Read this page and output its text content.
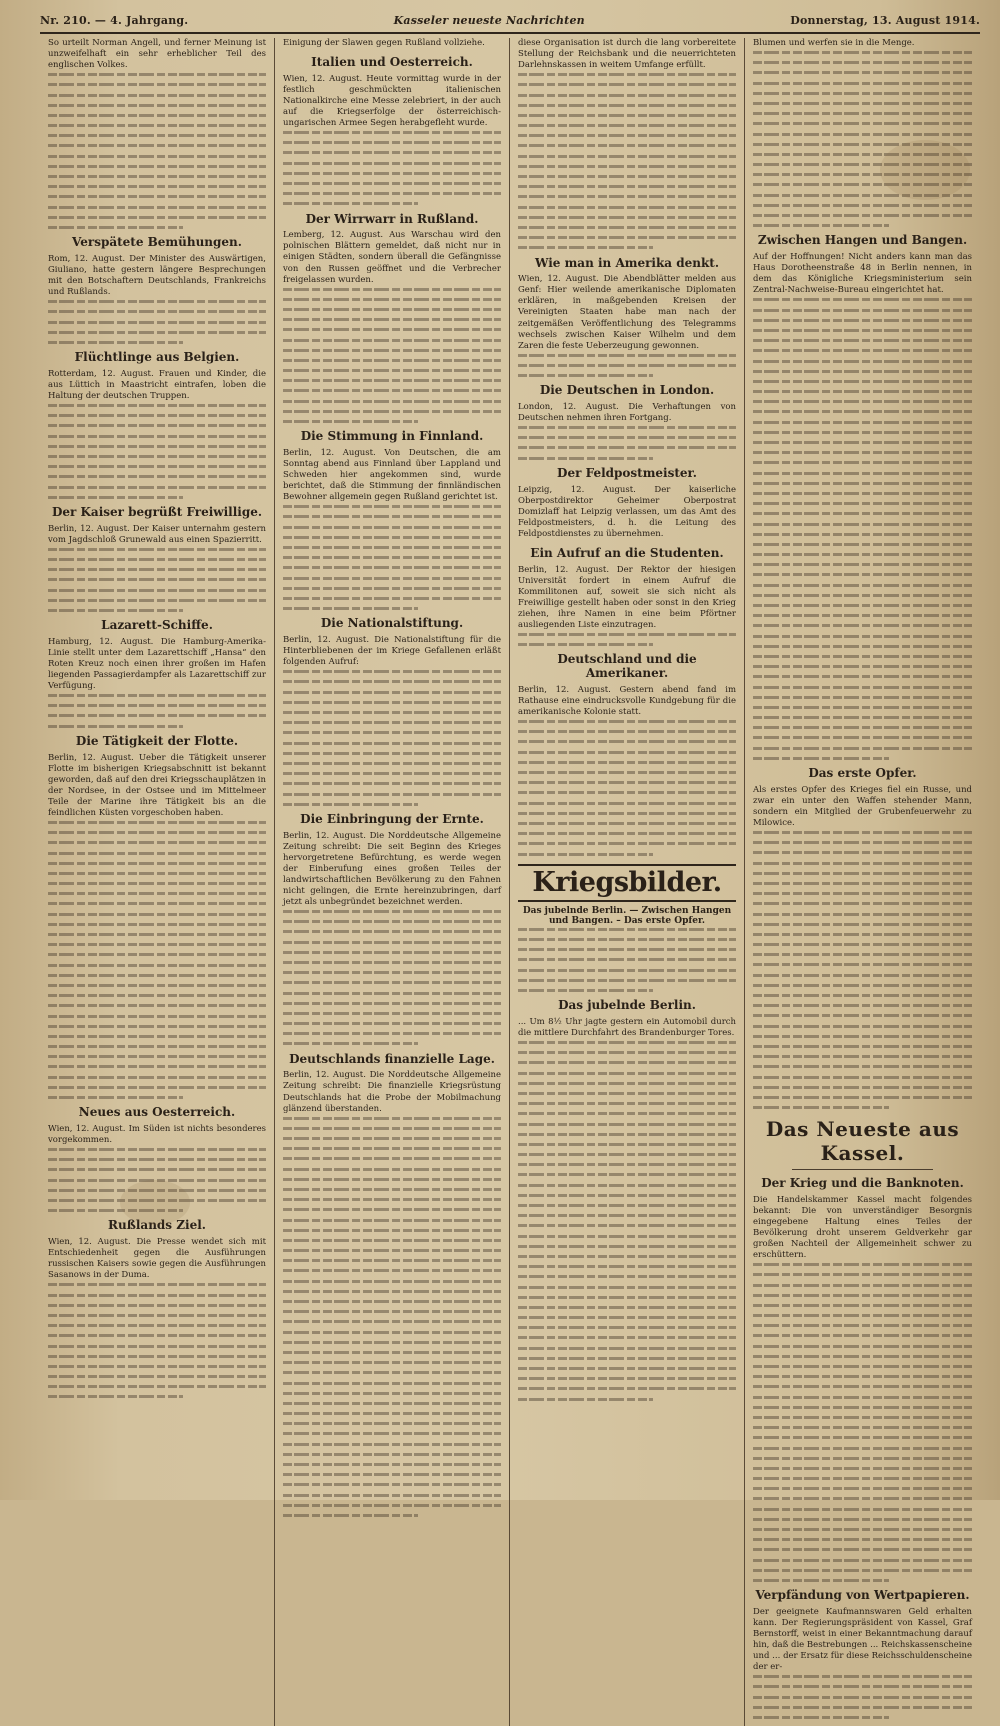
Nr. 210. — 4. Jahrgang.	Kasseler neueste Nachrichten	Donnerstag, 13. August 1914.

So urteilt Norman Angell, und ferner Meinung ist unzweifelhaft ein sehr erheblicher Teil des englischen Volkes.

Verspätete Bemühungen.

Rom, 12. August. Der Minister des Auswärtigen, Giuliano, hatte gestern längere Besprechungen mit den Botschaftern Deutschlands, Frankreichs und Rußlands.

Flüchtlinge aus Belgien.

Rotterdam, 12. August. Frauen und Kinder, die aus Lüttich in Maastricht eintrafen, loben die Haltung der deutschen Truppen.

Der Kaiser begrüßt Freiwillige.

Berlin, 12. August. Der Kaiser unternahm gestern vom Jagdschloß Grunewald aus einen Spazierritt.

Lazarett-Schiffe.

Hamburg, 12. August. Die Hamburg-Amerika-Linie stellt unter dem Lazarettschiff „Hansa“ den Roten Kreuz noch einen ihrer großen im Hafen liegenden Passagierdampfer als Lazarettschiff zur Verfügung.

Die Tätigkeit der Flotte.

Berlin, 12. August. Ueber die Tätigkeit unserer Flotte im bisherigen Kriegsabschnitt ist bekannt geworden, daß auf den drei Kriegsschauplätzen in der Nordsee, in der Ostsee und im Mittelmeer Teile der Marine ihre Tätigkeit bis an die feindlichen Küsten vorgeschoben haben.

Neues aus Oesterreich.

Wien, 12. August. Im Süden ist nichts besonderes vorgekommen.

Rußlands Ziel.

Wien, 12. August. Die Presse wendet sich mit Entschiedenheit gegen die Ausführungen russischen Kaisers sowie gegen die Ausführungen Sasanows in der Duma.

Einigung der Slawen gegen Rußland vollziehe.

Italien und Oesterreich.

Wien, 12. August. Heute vormittag wurde in der festlich geschmückten italienischen Nationalkirche eine Messe zelebriert, in der auch auf die Kriegserfolge der österreichisch-ungarischen Armee Segen herabgefleht wurde.

Der Wirrwarr in Rußland.

Lemberg, 12. August. Aus Warschau wird den polnischen Blättern gemeldet, daß nicht nur in einigen Städten, sondern überall die Gefängnisse von den Russen geöffnet und die Verbrecher freigelassen wurden.

Die Stimmung in Finnland.

Berlin, 12. August. Von Deutschen, die am Sonntag abend aus Finnland über Lappland und Schweden hier angekommen sind, wurde berichtet, daß die Stimmung der finnländischen Bewohner allgemein gegen Rußland gerichtet ist.

Die Nationalstiftung.

Berlin, 12. August. Die Nationalstiftung für die Hinterbliebenen der im Kriege Gefallenen erläßt folgenden Aufruf:

Die Einbringung der Ernte.

Berlin, 12. August. Die Norddeutsche Allgemeine Zeitung schreibt: Die seit Beginn des Krieges hervorgetretene Befürchtung, es werde wegen der Einberufung eines großen Teiles der landwirtschaftlichen Bevölkerung zu den Fahnen nicht gelingen, die Ernte hereinzubringen, darf jetzt als unbegründet bezeichnet werden.

Deutschlands finanzielle Lage.

Berlin, 12. August. Die Norddeutsche Allgemeine Zeitung schreibt: Die finanzielle Kriegsrüstung Deutschlands hat die Probe der Mobilmachung glänzend überstanden.

diese Organisation ist durch die lang vorbereitete Stellung der Reichsbank und die neuerrichteten Darlehnskassen in weitem Umfange erfüllt.

Wie man in Amerika denkt.

Wien, 12. August. Die Abendblätter melden aus Genf: Hier weilende amerikanische Diplomaten erklären, in maßgebenden Kreisen der Vereinigten Staaten habe man nach der zeitgemäßen Veröffentlichung des Telegramms wechsels zwischen Kaiser Wilhelm und dem Zaren die feste Ueberzeugung gewonnen.

Die Deutschen in London.

London, 12. August. Die Verhaftungen von Deutschen nehmen ihren Fortgang.

Der Feldpostmeister.

Leipzig, 12. August. Der kaiserliche Oberpostdirektor Geheimer Oberpostrat Domizlaff hat Leipzig verlassen, um das Amt des Feldpostmeisters, d. h. die Leitung des Feldpostdienstes zu übernehmen.

Ein Aufruf an die Studenten.

Berlin, 12. August. Der Rektor der hiesigen Universität fordert in einem Aufruf die Kommilitonen auf, soweit sie sich nicht als Freiwillige gestellt haben oder sonst in den Krieg ziehen, ihre Namen in eine beim Pförtner ausliegenden Liste einzutragen.

Deutschland und die Amerikaner.

Berlin, 12. August. Gestern abend fand im Rathause eine eindrucksvolle Kundgebung für die amerikanische Kolonie statt.

Kriegsbilder.
Das jubelnde Berlin. — Zwischen Hangen und Bangen. – Das erste Opfer.
Das jubelnde Berlin.

... Um 8½ Uhr jagte gestern ein Automobil durch die mittlere Durchfahrt des Brandenburger Tores.

Blumen und werfen sie in die Menge.

Zwischen Hangen und Bangen.

Auf der Hoffnungen! Nicht anders kann man das Haus Dorotheenstraße 48 in Berlin nennen, in dem das Königliche Kriegsministerium sein Zentral-Nachweise-Bureau eingerichtet hat.

Das erste Opfer.

Als erstes Opfer des Krieges fiel ein Russe, und zwar ein unter den Waffen stehender Mann, sondern ein Mitglied der Grubenfeuerwehr zu Milowice.

Das Neueste aus Kassel.
Der Krieg und die Banknoten.

Die Handelskammer Kassel macht folgendes bekannt: Die von unverständiger Besorgnis eingegebene Haltung eines Teiles der Bevölkerung droht unserem Geldverkehr gar großen Nachteil der Allgemeinheit schwer zu erschüttern.

Verpfändung von Wertpapieren.

Der geeignete Kaufmannswaren Geld erhalten kann. Der Regierungspräsident von Kassel, Graf Bernstorff, weist in einer Bekanntmachung darauf hin, daß die Bestrebungen ... Reichskassenscheine und ... der Ersatz für diese Reichsschuldenscheine der er-
